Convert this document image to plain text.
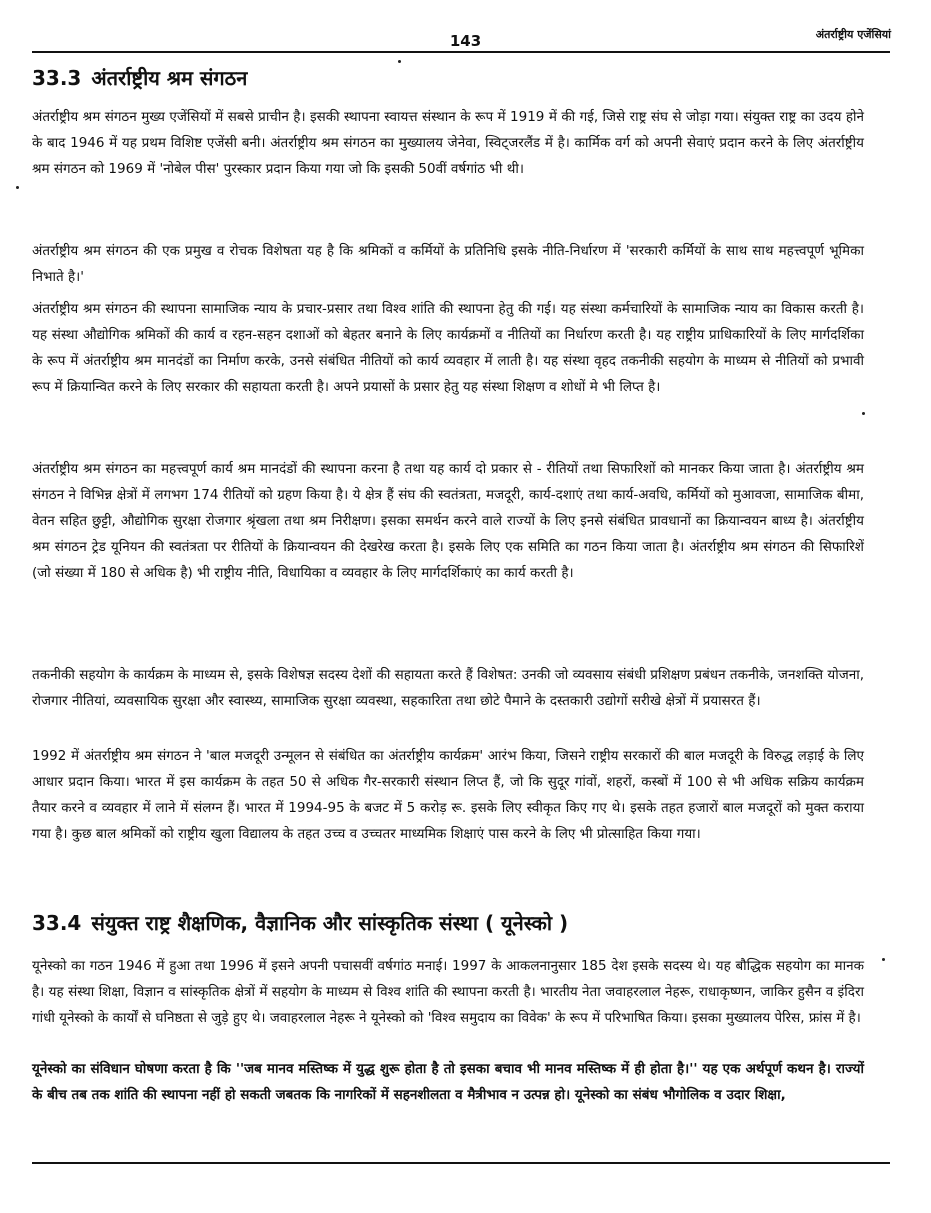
143	अंतर्राष्ट्रीय एजेंसियां
33.3 अंतर्राष्ट्रीय श्रम संगठन

अंतर्राष्ट्रीय श्रम संगठन मुख्य एजेंसियों में सबसे प्राचीन है। इसकी स्थापना स्वायत्त संस्थान के रूप में 1919 में की गई, जिसे राष्ट्र संघ से जोड़ा गया। संयुक्त राष्ट्र का उदय होने के बाद 1946 में यह प्रथम विशिष्ट एजेंसी बनी। अंतर्राष्ट्रीय श्रम संगठन का मुख्यालय जेनेवा, स्विट्जरलैंड में है। कार्मिक वर्ग को अपनी सेवाएं प्रदान करने के लिए अंतर्राष्ट्रीय श्रम संगठन को 1969 में 'नोबेल पीस' पुरस्कार प्रदान किया गया जो कि इसकी 50वीं वर्षगांठ भी थी।

अंतर्राष्ट्रीय श्रम संगठन की एक प्रमुख व रोचक विशेषता यह है कि श्रमिकों व कर्मियों के प्रतिनिधि इसके नीति-निर्धारण में 'सरकारी कर्मियों के साथ साथ महत्त्वपूर्ण भूमिका निभाते है।'

अंतर्राष्ट्रीय श्रम संगठन की स्थापना सामाजिक न्याय के प्रचार-प्रसार तथा विश्व शांति की स्थापना हेतु की गई। यह संस्था कर्मचारियों के सामाजिक न्याय का विकास करती है। यह संस्था औद्योगिक श्रमिकों की कार्य व रहन-सहन दशाओं को बेहतर बनाने के लिए कार्यक्रमों व नीतियों का निर्धारण करती है। यह राष्ट्रीय प्राधिकारियों के लिए मार्गदर्शिका के रूप में अंतर्राष्ट्रीय श्रम मानदंडों का निर्माण करके, उनसे संबंधित नीतियों को कार्य व्यवहार में लाती है। यह संस्था वृहद तकनीकी सहयोग के माध्यम से नीतियों को प्रभावी रूप में क्रियान्वित करने के लिए सरकार की सहायता करती है। अपने प्रयासों के प्रसार हेतु यह संस्था शिक्षण व शोधों मे भी लिप्त है।

अंतर्राष्ट्रीय श्रम संगठन का महत्त्वपूर्ण कार्य श्रम मानदंडों की स्थापना करना है तथा यह कार्य दो प्रकार से - रीतियों तथा सिफारिशों को मानकर किया जाता है। अंतर्राष्ट्रीय श्रम संगठन ने विभिन्न क्षेत्रों में लगभग 174 रीतियों को ग्रहण किया है। ये क्षेत्र हैं संघ की स्वतंत्रता, मजदूरी, कार्य-दशाएं तथा कार्य-अवधि, कर्मियों को मुआवजा, सामाजिक बीमा, वेतन सहित छुट्टी, औद्योगिक सुरक्षा रोजगार श्रृंखला तथा श्रम निरीक्षण। इसका समर्थन करने वाले राज्यों के लिए इनसे संबंधित प्रावधानों का क्रियान्वयन बाध्य है। अंतर्राष्ट्रीय श्रम संगठन ट्रेड यूनियन की स्वतंत्रता पर रीतियों के क्रियान्वयन की देखरेख करता है। इसके लिए एक समिति का गठन किया जाता है। अंतर्राष्ट्रीय श्रम संगठन की सिफारिशें (जो संख्या में 180 से अधिक है) भी राष्ट्रीय नीति, विधायिका व व्यवहार के लिए मार्गदर्शिकाएं का कार्य करती है।

तकनीकी सहयोग के कार्यक्रम के माध्यम से, इसके विशेषज्ञ सदस्य देशों की सहायता करते हैं विशेषत: उनकी जो व्यवसाय संबंधी प्रशिक्षण प्रबंधन तकनीके, जनशक्ति योजना, रोजगार नीतियां, व्यवसायिक सुरक्षा और स्वास्थ्य, सामाजिक सुरक्षा व्यवस्था, सहकारिता तथा छोटे पैमाने के दस्तकारी उद्योगों सरीखे क्षेत्रों में प्रयासरत हैं।

1992 में अंतर्राष्ट्रीय श्रम संगठन ने 'बाल मजदूरी उन्मूलन से संबंधित का अंतर्राष्ट्रीय कार्यक्रम' आरंभ किया, जिसने राष्ट्रीय सरकारों की बाल मजदूरी के विरुद्ध लड़ाई के लिए आधार प्रदान किया। भारत में इस कार्यक्रम के तहत 50 से अधिक गैर-सरकारी संस्थान लिप्त हैं, जो कि सुदूर गांवों, शहरों, कस्बों में 100 से भी अधिक सक्रिय कार्यक्रम तैयार करने व व्यवहार में लाने में संलग्न हैं। भारत में 1994-95 के बजट में 5 करोड़ रू. इसके लिए स्वीकृत किए गए थे। इसके तहत हजारों बाल मजदूरों को मुक्त कराया गया है। कुछ बाल श्रमिकों को राष्ट्रीय खुला विद्यालय के तहत उच्च व उच्चतर माध्यमिक शिक्षाएं पास करने के लिए भी प्रोत्साहित किया गया।

33.4 संयुक्त राष्ट्र शैक्षणिक, वैज्ञानिक और सांस्कृतिक संस्था ( यूनेस्को )

यूनेस्को का गठन 1946 में हुआ तथा 1996 में इसने अपनी पचासवीं वर्षगांठ मनाई। 1997 के आकलनानुसार 185 देश इसके सदस्य थे। यह बौद्धिक सहयोग का मानक है। यह संस्था शिक्षा, विज्ञान व सांस्कृतिक क्षेत्रों में सहयोग के माध्यम से विश्व शांति की स्थापना करती है। भारतीय नेता जवाहरलाल नेहरू, राधाकृष्णन, जाकिर हुसैन व इंदिरा गांधी यूनेस्को के कार्यों से घनिष्ठता से जुड़े हुए थे। जवाहरलाल नेहरू ने यूनेस्को को 'विश्व समुदाय का विवेक' के रूप में परिभाषित किया। इसका मुख्यालय पेरिस, फ्रांस में है।

यूनेस्को का संविधान घोषणा करता है कि ''जब मानव मस्तिष्क में युद्ध शुरू होता है तो इसका बचाव भी मानव मस्तिष्क में ही होता है।'' यह एक अर्थपूर्ण कथन है। राज्यों के बीच तब तक शांति की स्थापना नहीं हो सकती जबतक कि नागरिकों में सहनशीलता व मैत्रीभाव न उत्पन्न हो। यूनेस्को का संबंध भौगोलिक व उदार शिक्षा,
